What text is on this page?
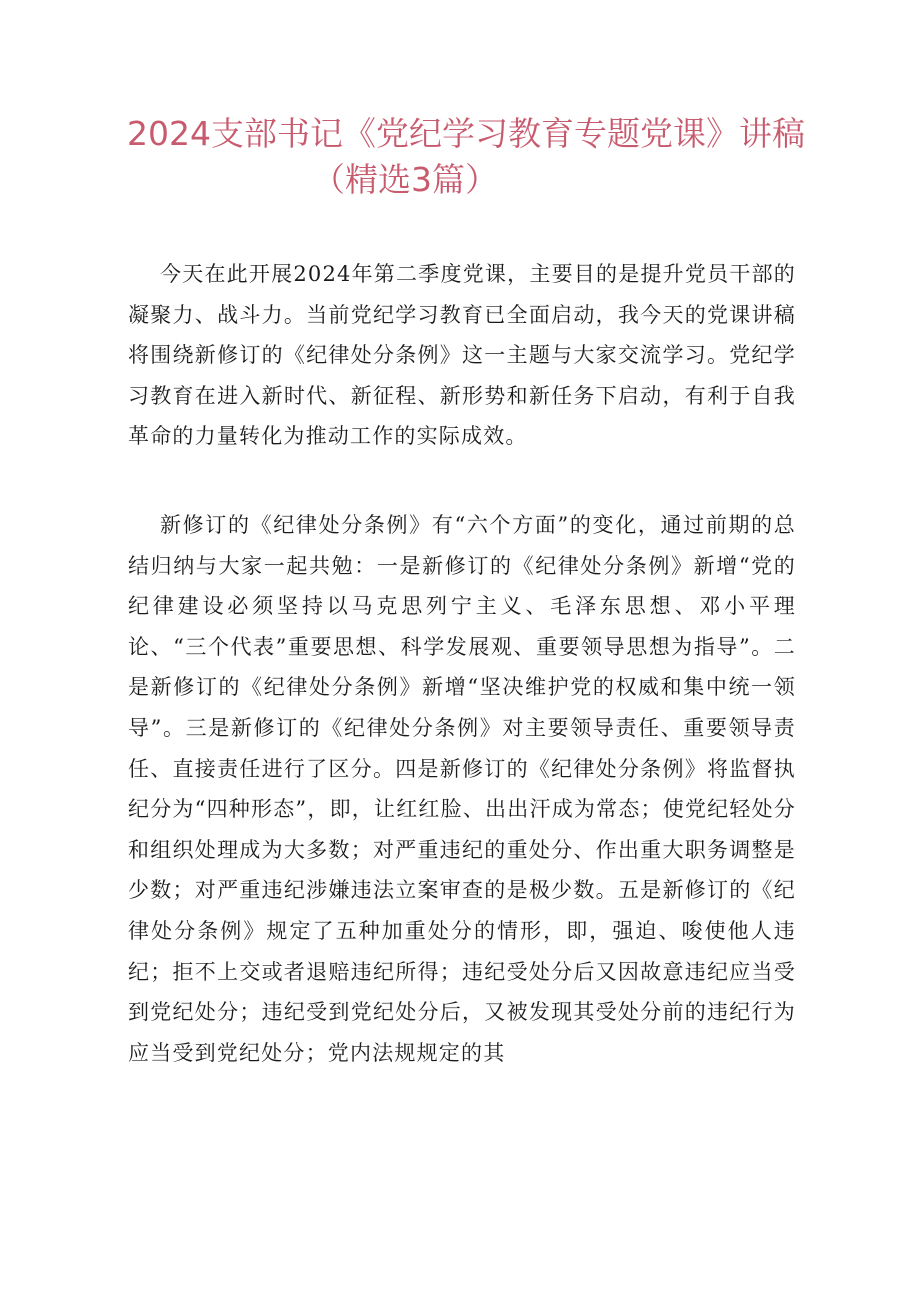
2024支部书记《党纪学习教育专题党课》讲稿
（精选3篇）

今天在此开展2024年第二季度党课，主要目的是提升党员干部的凝聚力、战斗力。当前党纪学习教育已全面启动，我今天的党课讲稿将围绕新修订的《纪律处分条例》这一主题与大家交流学习。党纪学习教育在进入新时代、新征程、新形势和新任务下启动，有利于自我革命的力量转化为推动工作的实际成效。

新修订的《纪律处分条例》有“六个方面”的变化，通过前期的总结归纳与大家一起共勉：一是新修订的《纪律处分条例》新增“党的纪律建设必须坚持以马克思列宁主义、毛泽东思想、邓小平理论、“三个代表”重要思想、科学发展观、重要领导思想为指导”。二是新修订的《纪律处分条例》新增“坚决维护党的权威和集中统一领导”。三是新修订的《纪律处分条例》对主要领导责任、重要领导责任、直接责任进行了区分。四是新修订的《纪律处分条例》将监督执纪分为“四种形态”，即，让红红脸、出出汗成为常态；使党纪轻处分和组织处理成为大多数；对严重违纪的重处分、作出重大职务调整是少数；对严重违纪涉嫌违法立案审查的是极少数。五是新修订的《纪律处分条例》规定了五种加重处分的情形，即，强迫、唆使他人违纪；拒不上交或者退赔违纪所得；违纪受处分后又因故意违纪应当受到党纪处分；违纪受到党纪处分后，又被发现其受处分前的违纪行为应当受到党纪处分；党内法规规定的其
